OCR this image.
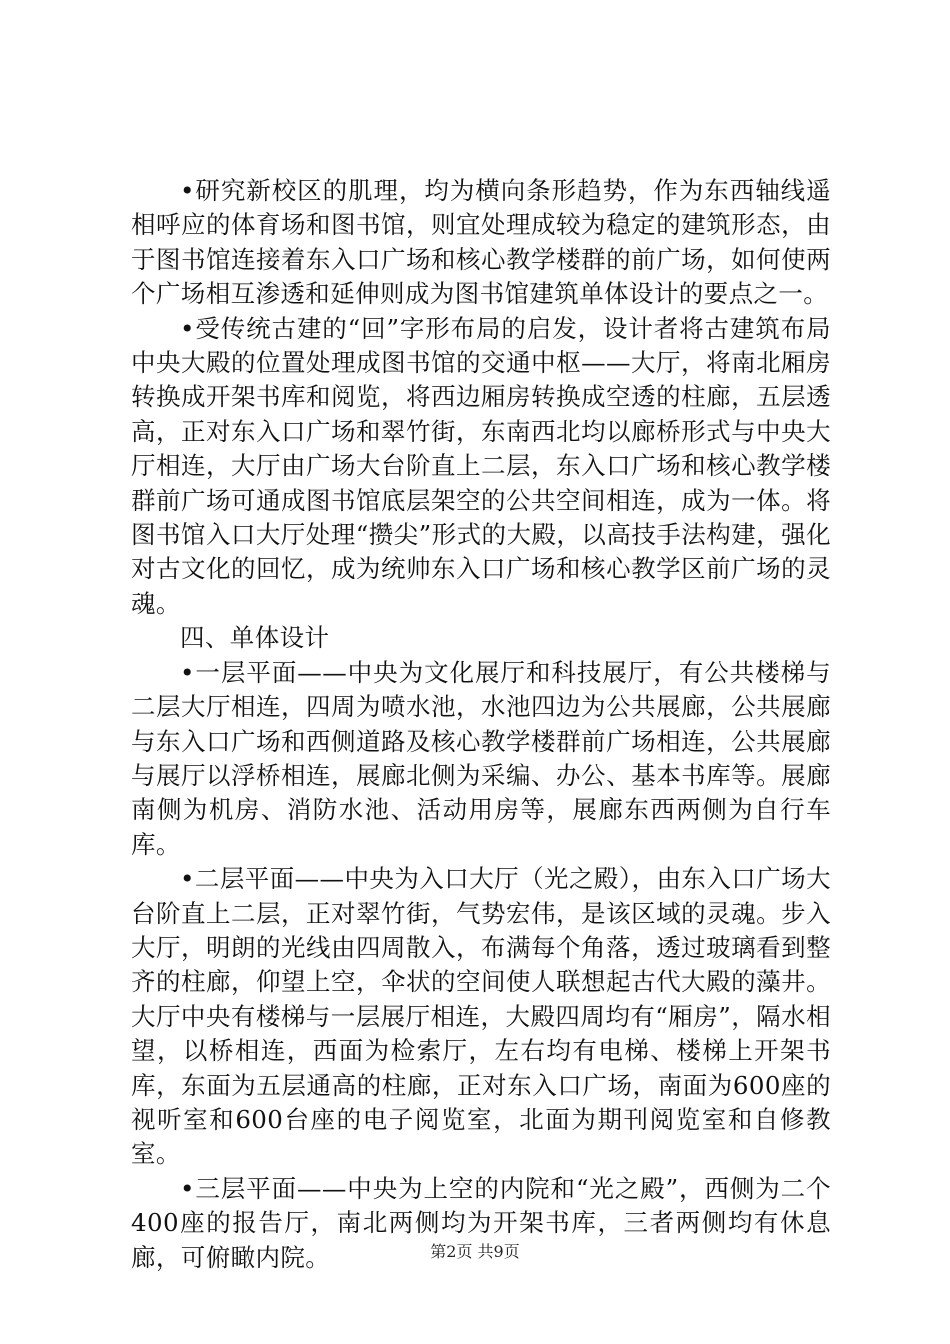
•研究新校区的肌理，均为横向条形趋势，作为东西轴线遥相呼应的体育场和图书馆，则宜处理成较为稳定的建筑形态，由于图书馆连接着东入口广场和核心教学楼群的前广场，如何使两个广场相互渗透和延伸则成为图书馆建筑单体设计的要点之一。

•受传统古建的“回”字形布局的启发，设计者将古建筑布局中央大殿的位置处理成图书馆的交通中枢——大厅，将南北厢房转换成开架书库和阅览，将西边厢房转换成空透的柱廊，五层透高，正对东入口广场和翠竹街，东南西北均以廊桥形式与中央大厅相连，大厅由广场大台阶直上二层，东入口广场和核心教学楼群前广场可通成图书馆底层架空的公共空间相连，成为一体。将图书馆入口大厅处理“攒尖”形式的大殿，以高技手法构建，强化对古文化的回忆，成为统帅东入口广场和核心教学区前广场的灵魂。

四、单体设计

•一层平面——中央为文化展厅和科技展厅，有公共楼梯与二层大厅相连，四周为喷水池，水池四边为公共展廊，公共展廊与东入口广场和西侧道路及核心教学楼群前广场相连，公共展廊与展厅以浮桥相连，展廊北侧为采编、办公、基本书库等。展廊南侧为机房、消防水池、活动用房等，展廊东西两侧为自行车库。

•二层平面——中央为入口大厅（光之殿），由东入口广场大台阶直上二层，正对翠竹街，气势宏伟，是该区域的灵魂。步入大厅，明朗的光线由四周散入，布满每个角落，透过玻璃看到整齐的柱廊，仰望上空，伞状的空间使人联想起古代大殿的藻井。大厅中央有楼梯与一层展厅相连，大殿四周均有“厢房”，隔水相望，以桥相连，西面为检索厅，左右均有电梯、楼梯上开架书库，东面为五层通高的柱廊，正对东入口广场，南面为600座的视听室和600台座的电子阅览室，北面为期刊阅览室和自修教室。

•三层平面——中央为上空的内院和“光之殿”，西侧为二个400座的报告厅，南北两侧均为开架书库，三者两侧均有休息廊，可俯瞰内院。	第2页 共9页
